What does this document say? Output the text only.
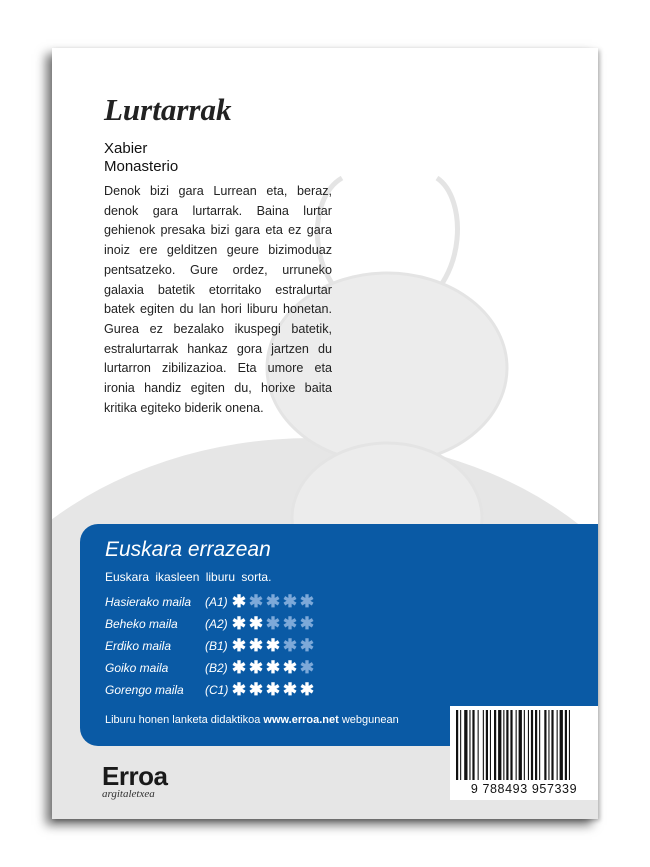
Lurtarrak
Xabier
Monasterio

Denok bizi gara Lurrean eta, beraz, denok gara lurtarrak. Baina lurtar gehienok presaka bizi gara eta ez gara inoiz ere gelditzen geure bizimoduaz pentsatzeko. Gure ordez, urruneko galaxia batetik etorritako estralurtar batek egiten du lan hori liburu honetan. Gurea ez bezalako ikuspegi batetik, estralurtarrak hankaz gora jartzen du lurtarron zibilizazioa. Eta umore eta ironia handiz egiten du, horixe baita kritika egiteko biderik onena.

Euskara errazean
Euskara ikasleen liburu sorta.
Hasierako maila (A1) ✱ ✱ ✱ ✱ ✱
Beheko maila (A2) ✱ ✱ ✱ ✱ ✱
Erdiko maila	(B1) ✱ ✱ ✱ ✱ ✱
Goiko maila	(B2) ✱ ✱ ✱ ✱ ✱
Gorengo maila (C1) ✱ ✱ ✱ ✱ ✱
Liburu honen lanketa didaktikoa www.erroa.net webgunean
9 788493 957339
Erroa
argitaletxea
